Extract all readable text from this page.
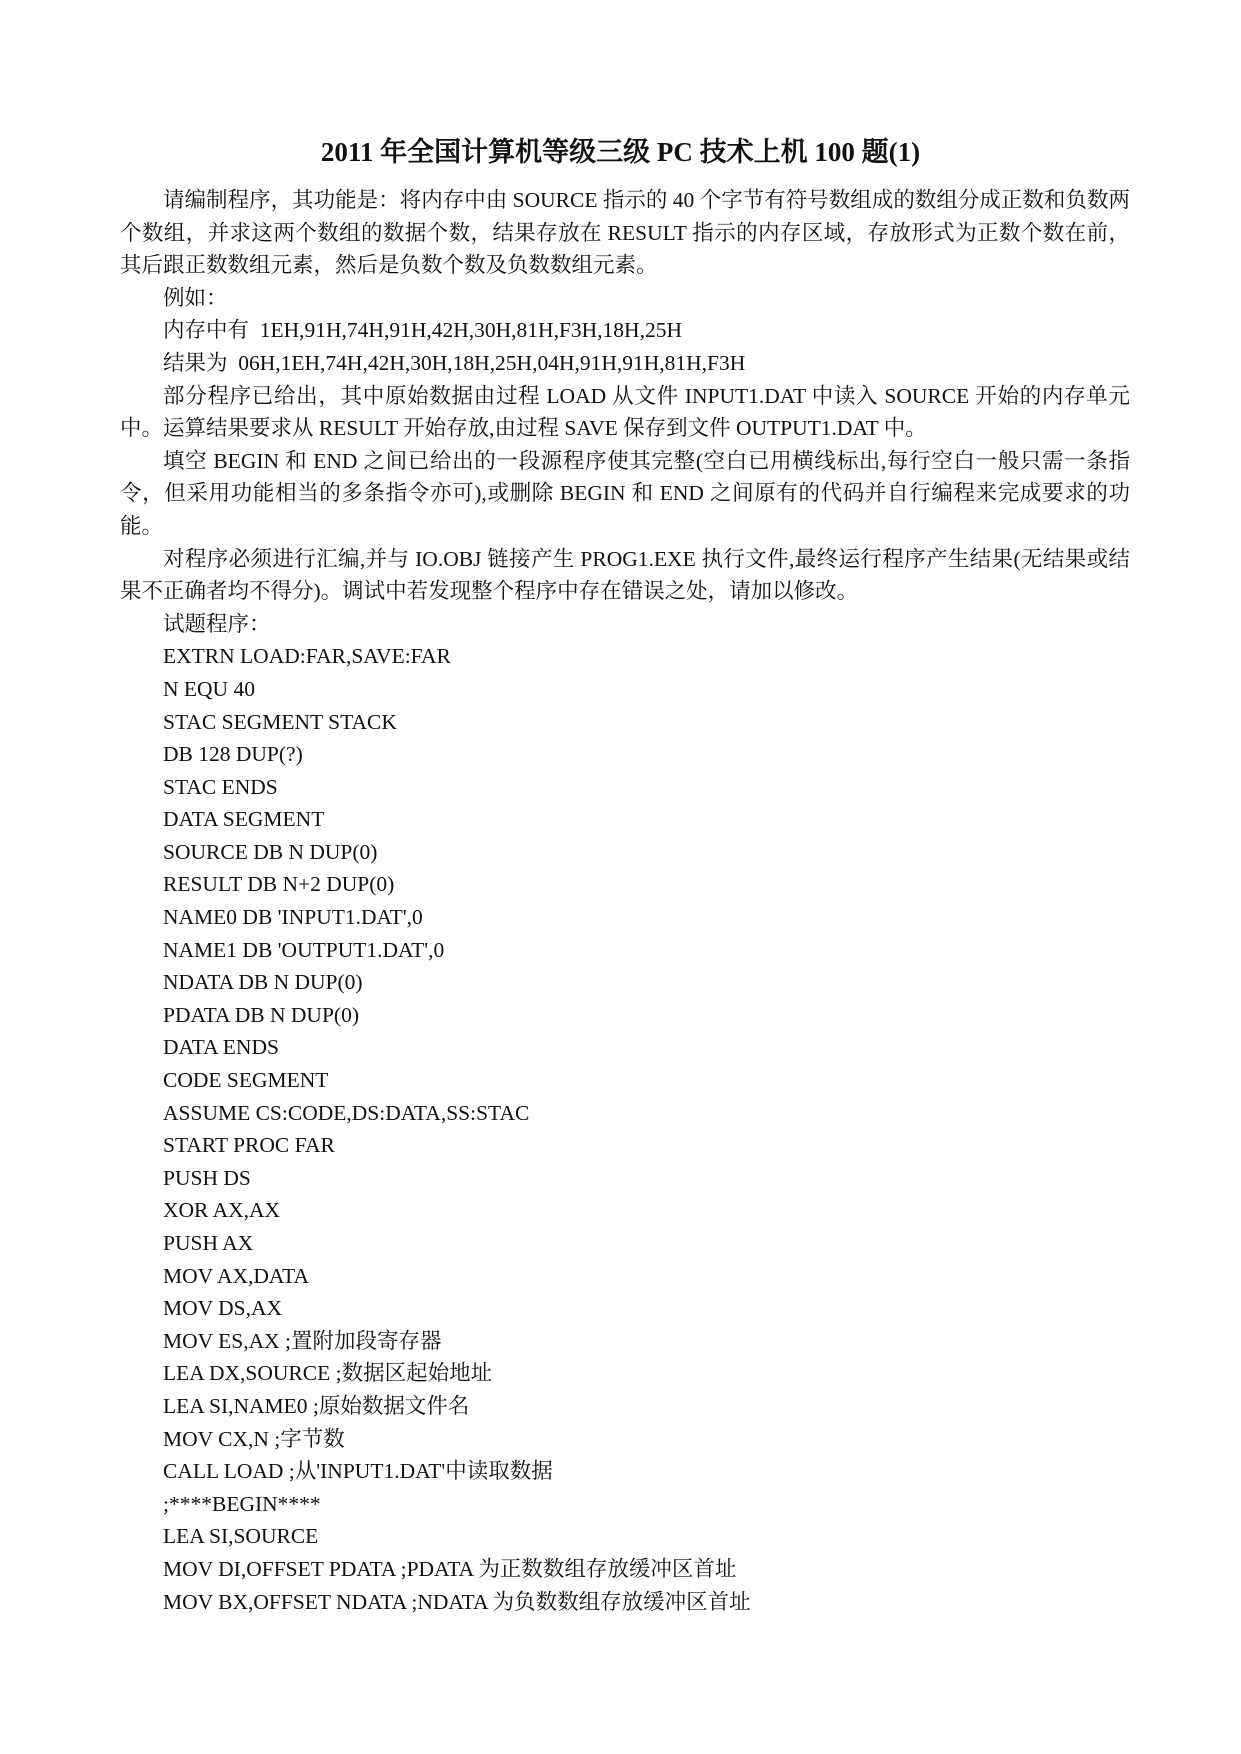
2011 年全国计算机等级三级 PC 技术上机 100 题(1)

请编制程序，其功能是：将内存中由 SOURCE 指示的 40 个字节有符号数组成的数组分成正数和负数两个数组，并求这两个数组的数据个数，结果存放在 RESULT 指示的内存区域，存放形式为正数个数在前，其后跟正数数组元素，然后是负数个数及负数数组元素。

例如：

内存中有  1EH,91H,74H,91H,42H,30H,81H,F3H,18H,25H

结果为  06H,1EH,74H,42H,30H,18H,25H,04H,91H,91H,81H,F3H

部分程序已给出，其中原始数据由过程 LOAD 从文件 INPUT1.DAT 中读入 SOURCE 开始的内存单元中。运算结果要求从 RESULT 开始存放,由过程 SAVE 保存到文件 OUTPUT1.DAT 中。

填空 BEGIN 和 END 之间已给出的一段源程序使其完整(空白已用横线标出,每行空白一般只需一条指令，但采用功能相当的多条指令亦可),或删除 BEGIN 和 END 之间原有的代码并自行编程来完成要求的功能。

对程序必须进行汇编,并与 IO.OBJ 链接产生 PROG1.EXE 执行文件,最终运行程序产生结果(无结果或结果不正确者均不得分)。调试中若发现整个程序中存在错误之处，请加以修改。

试题程序：

EXTRN LOAD:FAR,SAVE:FAR

N EQU 40

STAC SEGMENT STACK

DB 128 DUP(?)

STAC ENDS

DATA SEGMENT

SOURCE DB N DUP(0)

RESULT DB N+2 DUP(0)

NAME0 DB 'INPUT1.DAT',0

NAME1 DB 'OUTPUT1.DAT',0

NDATA DB N DUP(0)

PDATA DB N DUP(0)

DATA ENDS

CODE SEGMENT

ASSUME CS:CODE,DS:DATA,SS:STAC

START PROC FAR

PUSH DS

XOR AX,AX

PUSH AX

MOV AX,DATA

MOV DS,AX

MOV ES,AX ;置附加段寄存器

LEA DX,SOURCE ;数据区起始地址

LEA SI,NAME0 ;原始数据文件名

MOV CX,N ;字节数

CALL LOAD ;从'INPUT1.DAT'中读取数据

;****BEGIN****

LEA SI,SOURCE

MOV DI,OFFSET PDATA ;PDATA 为正数数组存放缓冲区首址

MOV BX,OFFSET NDATA ;NDATA 为负数数组存放缓冲区首址
